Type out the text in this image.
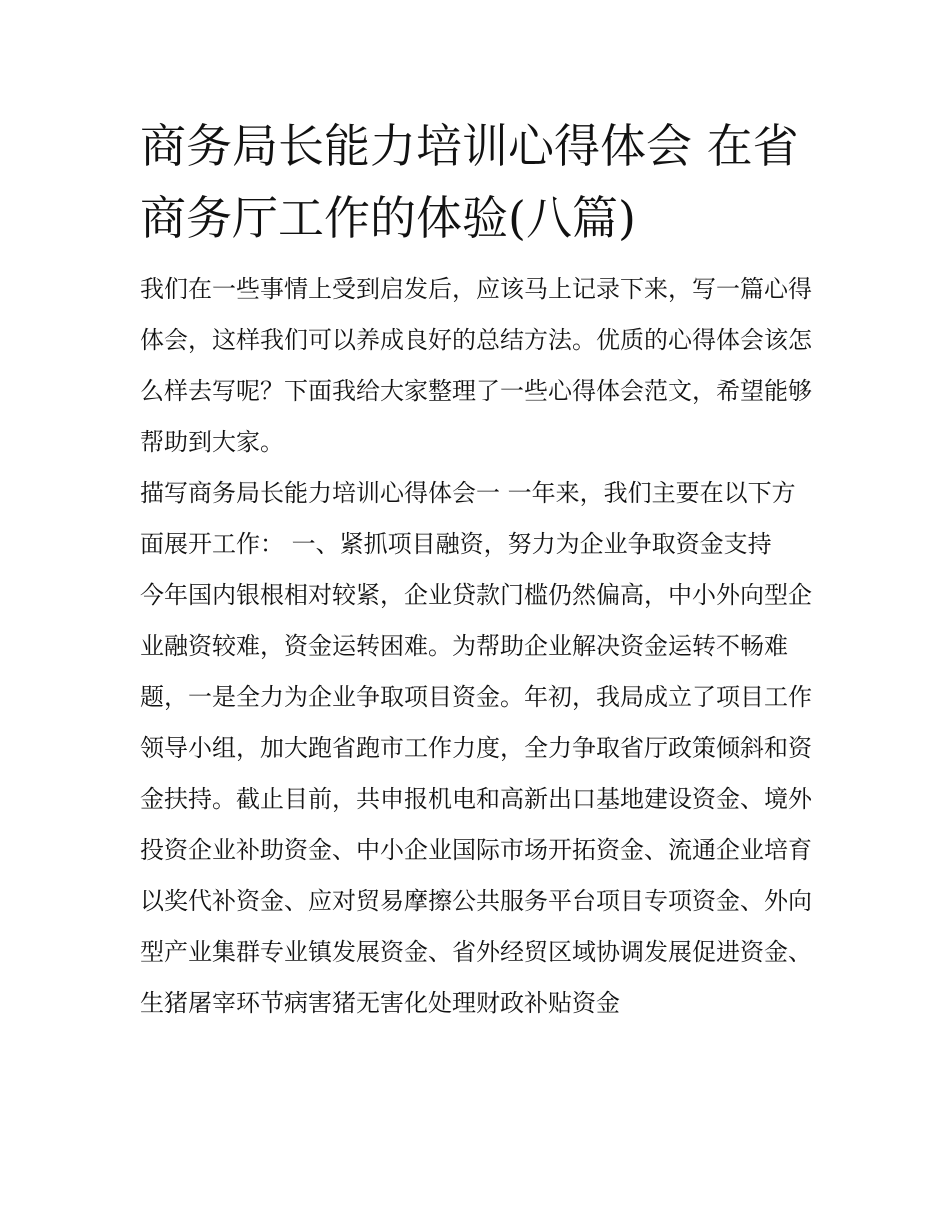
商务局长能力培训心得体会 在省商务厅工作的体验(八篇)

我们在一些事情上受到启发后，应该马上记录下来，写一篇心得体会，这样我们可以养成良好的总结方法。优质的心得体会该怎么样去写呢？下面我给大家整理了一些心得体会范文，希望能够帮助到大家。

描写商务局长能力培训心得体会一 一年来，我们主要在以下方面展开工作： 一、紧抓项目融资，努力为企业争取资金支持

今年国内银根相对较紧，企业贷款门槛仍然偏高，中小外向型企业融资较难，资金运转困难。为帮助企业解决资金运转不畅难题，一是全力为企业争取项目资金。年初，我局成立了项目工作领导小组，加大跑省跑市工作力度，全力争取省厅政策倾斜和资金扶持。截止目前，共申报机电和高新出口基地建设资金、境外投资企业补助资金、中小企业国际市场开拓资金、流通企业培育以奖代补资金、应对贸易摩擦公共服务平台项目专项资金、外向型产业集群专业镇发展资金、省外经贸区域协调发展促进资金、生猪屠宰环节病害猪无害化处理财政补贴资金
